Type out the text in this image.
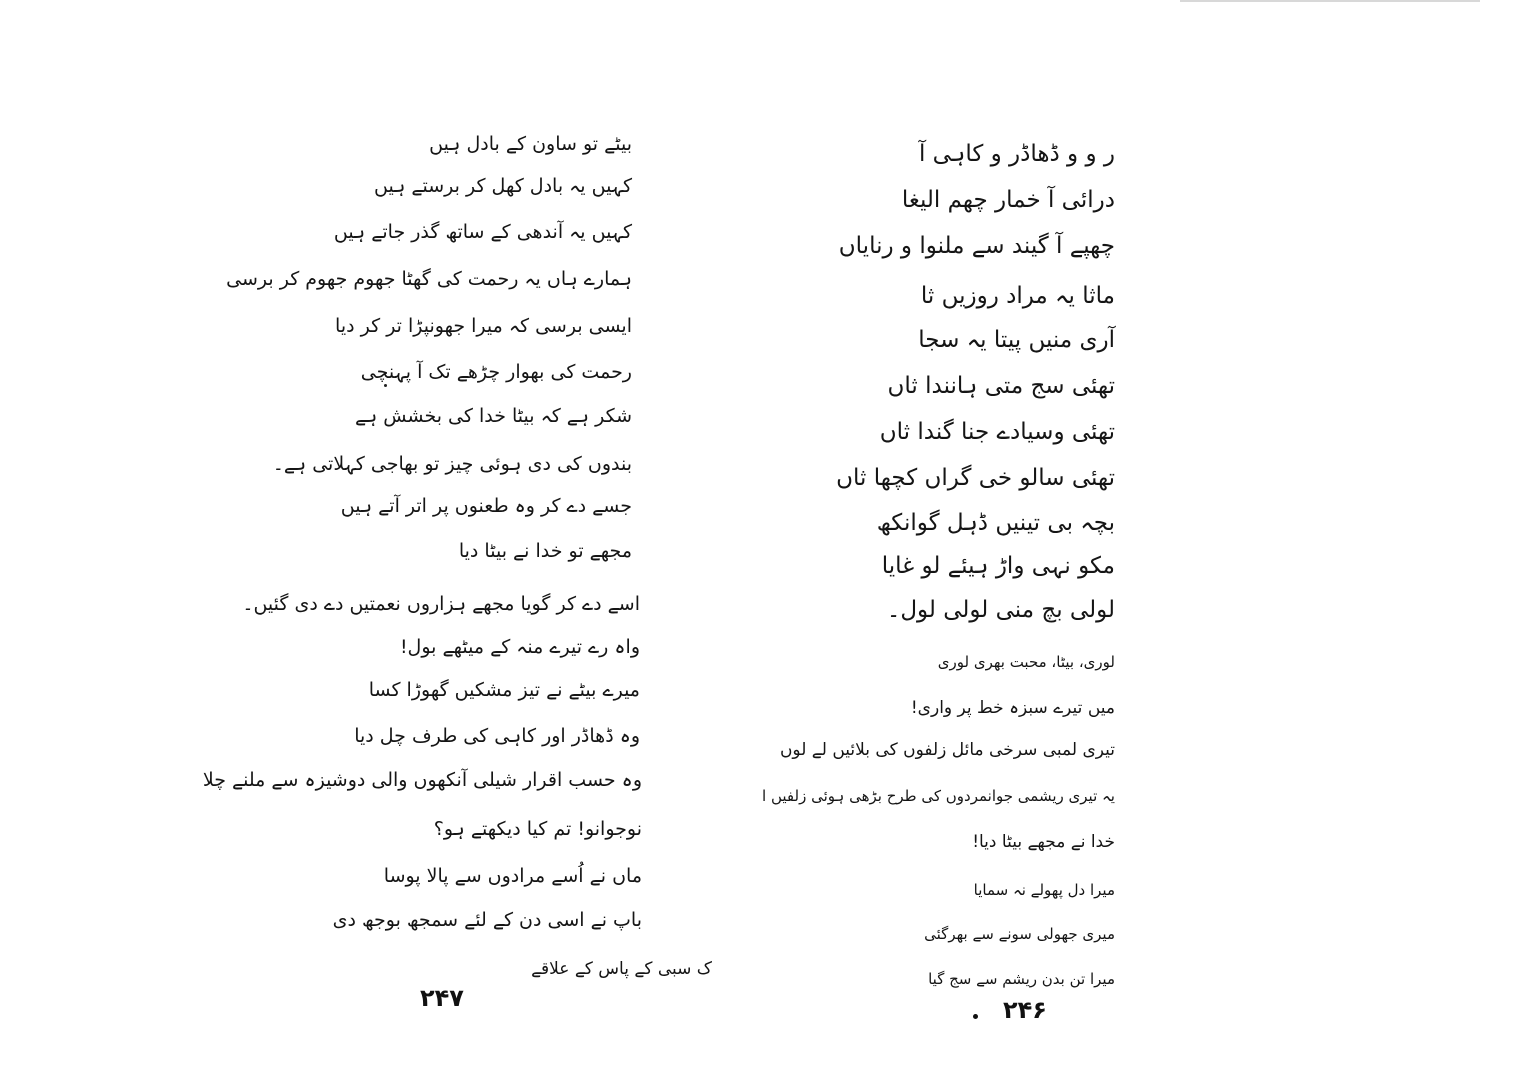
بیٹے تو ساون کے بادل ہیں
کہیں یہ بادل کھل کر برستے ہیں
کہیں یہ آندھی کے ساتھ گذر جاتے ہیں
ہمارے ہاں یہ رحمت کی گھٹا جھوم جھوم کر برسی
ایسی برسی کہ میرا جھونپڑا تر کر دیا
رحمت کی بھوار چڑھے تک آ پہنچی
شکر ہے کہ بیٹا خدا کی بخشش ہے
بندوں کی دی ہوئی چیز تو بھاجی کہلاتی ہے۔
جسے دے کر وہ طعنوں پر اتر آتے ہیں
مجھے تو خدا نے بیٹا دیا
اسے دے کر گویا مجھے ہزاروں نعمتیں دے دی گئیں۔
واہ رے تیرے منہ کے میٹھے بول!
میرے بیٹے نے تیز مشکیں گھوڑا کسا
وہ ڈھاڈر اور کاہی کی طرف چل دیا
وہ حسب اقرار شیلی آنکھوں والی دوشیزہ سے ملنے چلا
نوجوانو! تم کیا دیکھتے ہو؟
ماں نے اُسے مرادوں سے پالا پوسا
باپ نے اسی دن کے لئے سمجھ بوجھ دی
ک سبی کے پاس کے علاقے
۲۴۷
ر و و ڈھاڈر و کاہی آ
درائی آ خمار چھم الیغا
چھپے آ گیند سے ملنوا و رنایاں
ماثا یہ مراد روزیں ثا
آری منیں پیتا یہ سجا
تھئی سج متی ہانندا ثاں
تھئی وسیادے جنا گندا ثاں
تھئی سالو خی گراں کچھا ثاں
بچہ بی تینیں ڈہل گوانکھ
مکو نہی واڑ ہیئے لو غایا
لولی بچ منی لولی لول۔
لوری، بیٹا، محبت بھری لوری
میں تیرے سبزہ خط پر واری!
تیری لمبی سرخی مائل زلفوں کی بلائیں لے لوں
یہ تیری ریشمی جوانمردوں کی طرح بڑھی ہوئی زلفیں ا
خدا نے مجھے بیٹا دیا!
میرا دل پھولے نہ سمایا
میری جھولی سونے سے بھرگئی
میرا تن بدن ریشم سے سج گیا
۲۴۶
